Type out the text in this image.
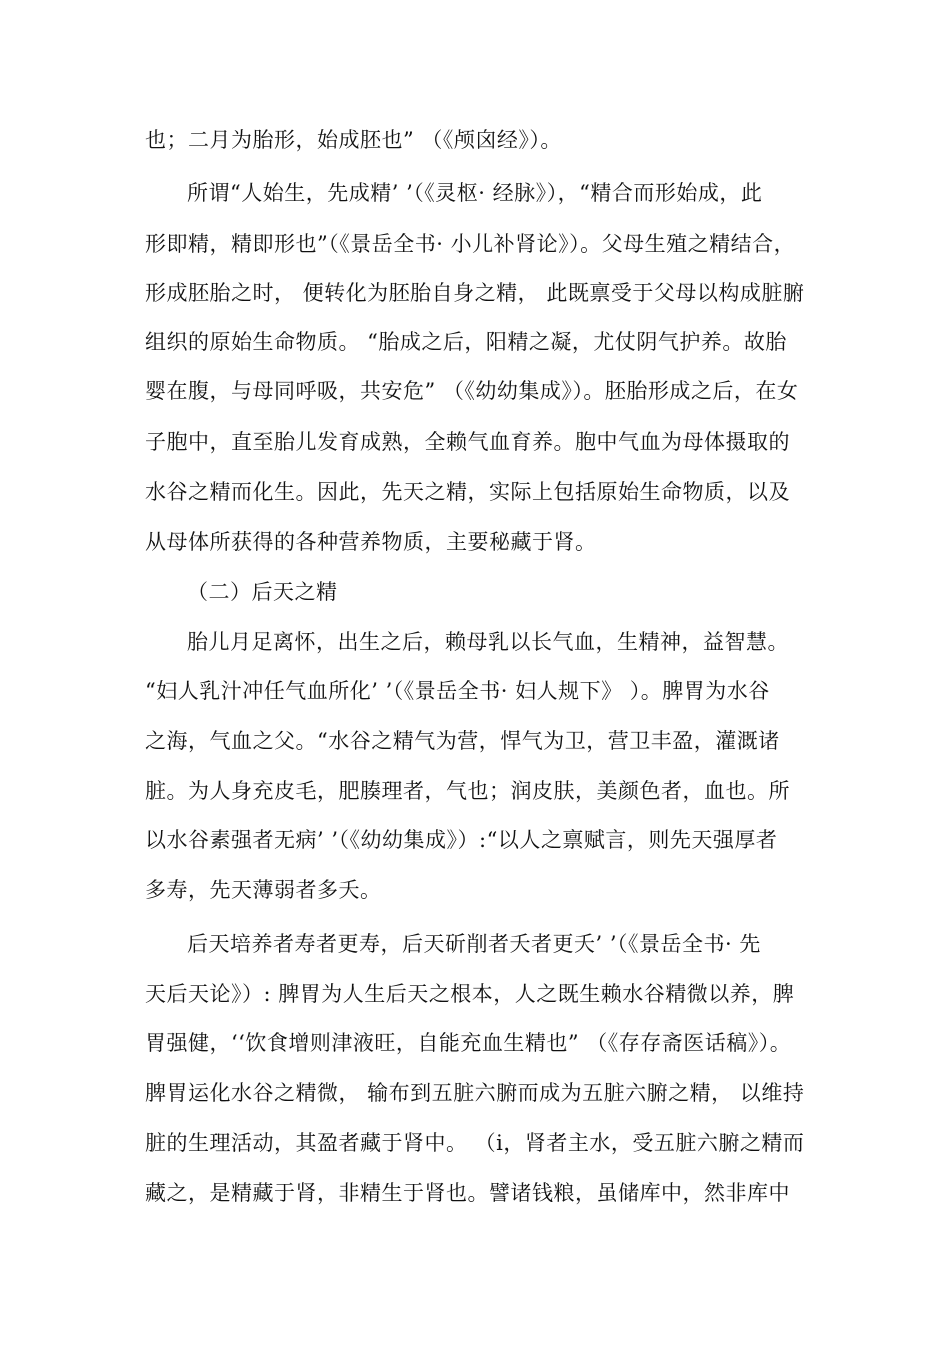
也；二月为胎形，始成胚也” （《颅囟经》）。
所谓“人始生，先成精’ ’（《灵枢· 经脉》），“精合而形始成，此
形即精，精即形也”（《景岳全书· 小儿补肾论》）。父母生殖之精结合，
形成胚胎之时， 便转化为胚胎自身之精， 此既禀受于父母以构成脏腑
组织的原始生命物质。 “胎成之后，阳精之凝，尤仗阴气护养。故胎
婴在腹，与母同呼吸，共安危” （《幼幼集成》）。胚胎形成之后，在女
子胞中，直至胎儿发育成熟，全赖气血育养。胞中气血为母体摄取的
水谷之精而化生。因此，先天之精，实际上包括原始生命物质，以及
从母体所获得的各种营养物质，主要秘藏于肾。
（二）后天之精
胎儿月足离怀，出生之后，赖母乳以长气血，生精神，益智慧。
“妇人乳汁冲任气血所化’ ’（《景岳全书· 妇人规下》 ）。脾胃为水谷
之海，气血之父。“水谷之精气为营，悍气为卫，营卫丰盈，灌溉诸
脏。为人身充皮毛，肥腠理者，气也；润皮肤，美颜色者，血也。所
以水谷素强者无病’ ’（《幼幼集成》）:“以人之禀赋言，则先天强厚者
多寿，先天薄弱者多夭。
后天培养者寿者更寿，后天斫削者夭者更夭’ ’（《景岳全书· 先
天后天论》）: 脾胃为人生后天之根本，人之既生赖水谷精微以养，脾
胃强健，‘‘饮食增则津液旺，自能充血生精也” （《存存斋医话稿》）。
脾胃运化水谷之精微， 输布到五脏六腑而成为五脏六腑之精， 以维持
脏的生理活动，其盈者藏于肾中。 （i，肾者主水，受五脏六腑之精而
藏之，是精藏于肾，非精生于肾也。譬诸钱粮，虽储库中，然非库中
